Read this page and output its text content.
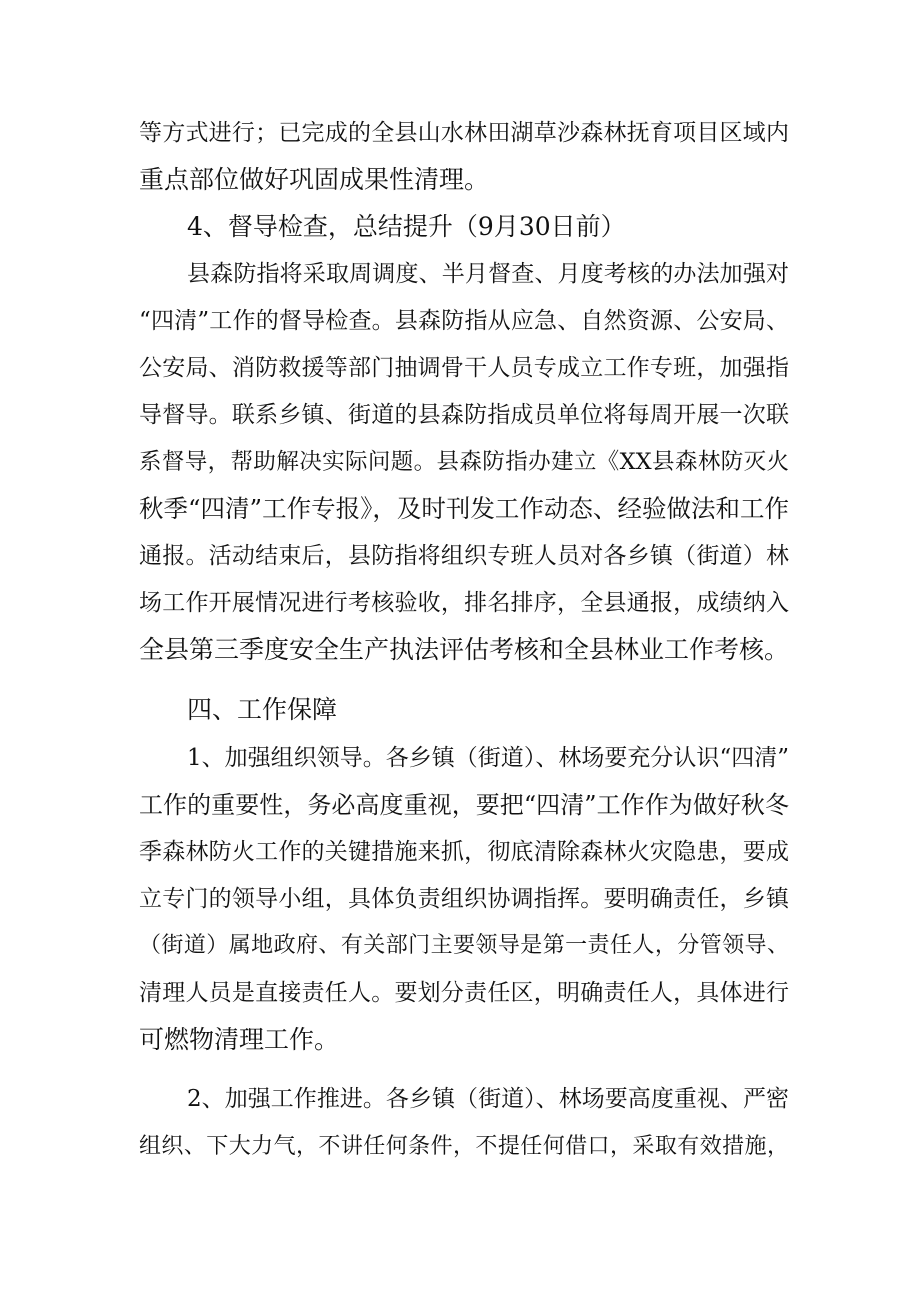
等方式进行；已完成的全县山水林田湖草沙森林抚育项目区域内
重点部位做好巩固成果性清理。
4、督导检查，总结提升（9月30日前）
县森防指将采取周调度、半月督查、月度考核的办法加强对
“四清”工作的督导检查。县森防指从应急、自然资源、公安局、
公安局、消防救援等部门抽调骨干人员专成立工作专班，加强指
导督导。联系乡镇、街道的县森防指成员单位将每周开展一次联
系督导，帮助解决实际问题。县森防指办建立《XX县森林防灭火
秋季“四清”工作专报》，及时刊发工作动态、经验做法和工作
通报。活动结束后，县防指将组织专班人员对各乡镇（街道）林
场工作开展情况进行考核验收，排名排序，全县通报，成绩纳入
全县第三季度安全生产执法评估考核和全县林业工作考核。
四、工作保障
1、加强组织领导。各乡镇（街道）、林场要充分认识“四清”
工作的重要性，务必高度重视，要把“四清”工作作为做好秋冬
季森林防火工作的关键措施来抓，彻底清除森林火灾隐患，要成
立专门的领导小组，具体负责组织协调指挥。要明确责任，乡镇
（街道）属地政府、有关部门主要领导是第一责任人，分管领导、
清理人员是直接责任人。要划分责任区，明确责任人，具体进行
可燃物清理工作。
2、加强工作推进。各乡镇（街道）、林场要高度重视、严密
组织、下大力气，不讲任何条件，不提任何借口，采取有效措施，
